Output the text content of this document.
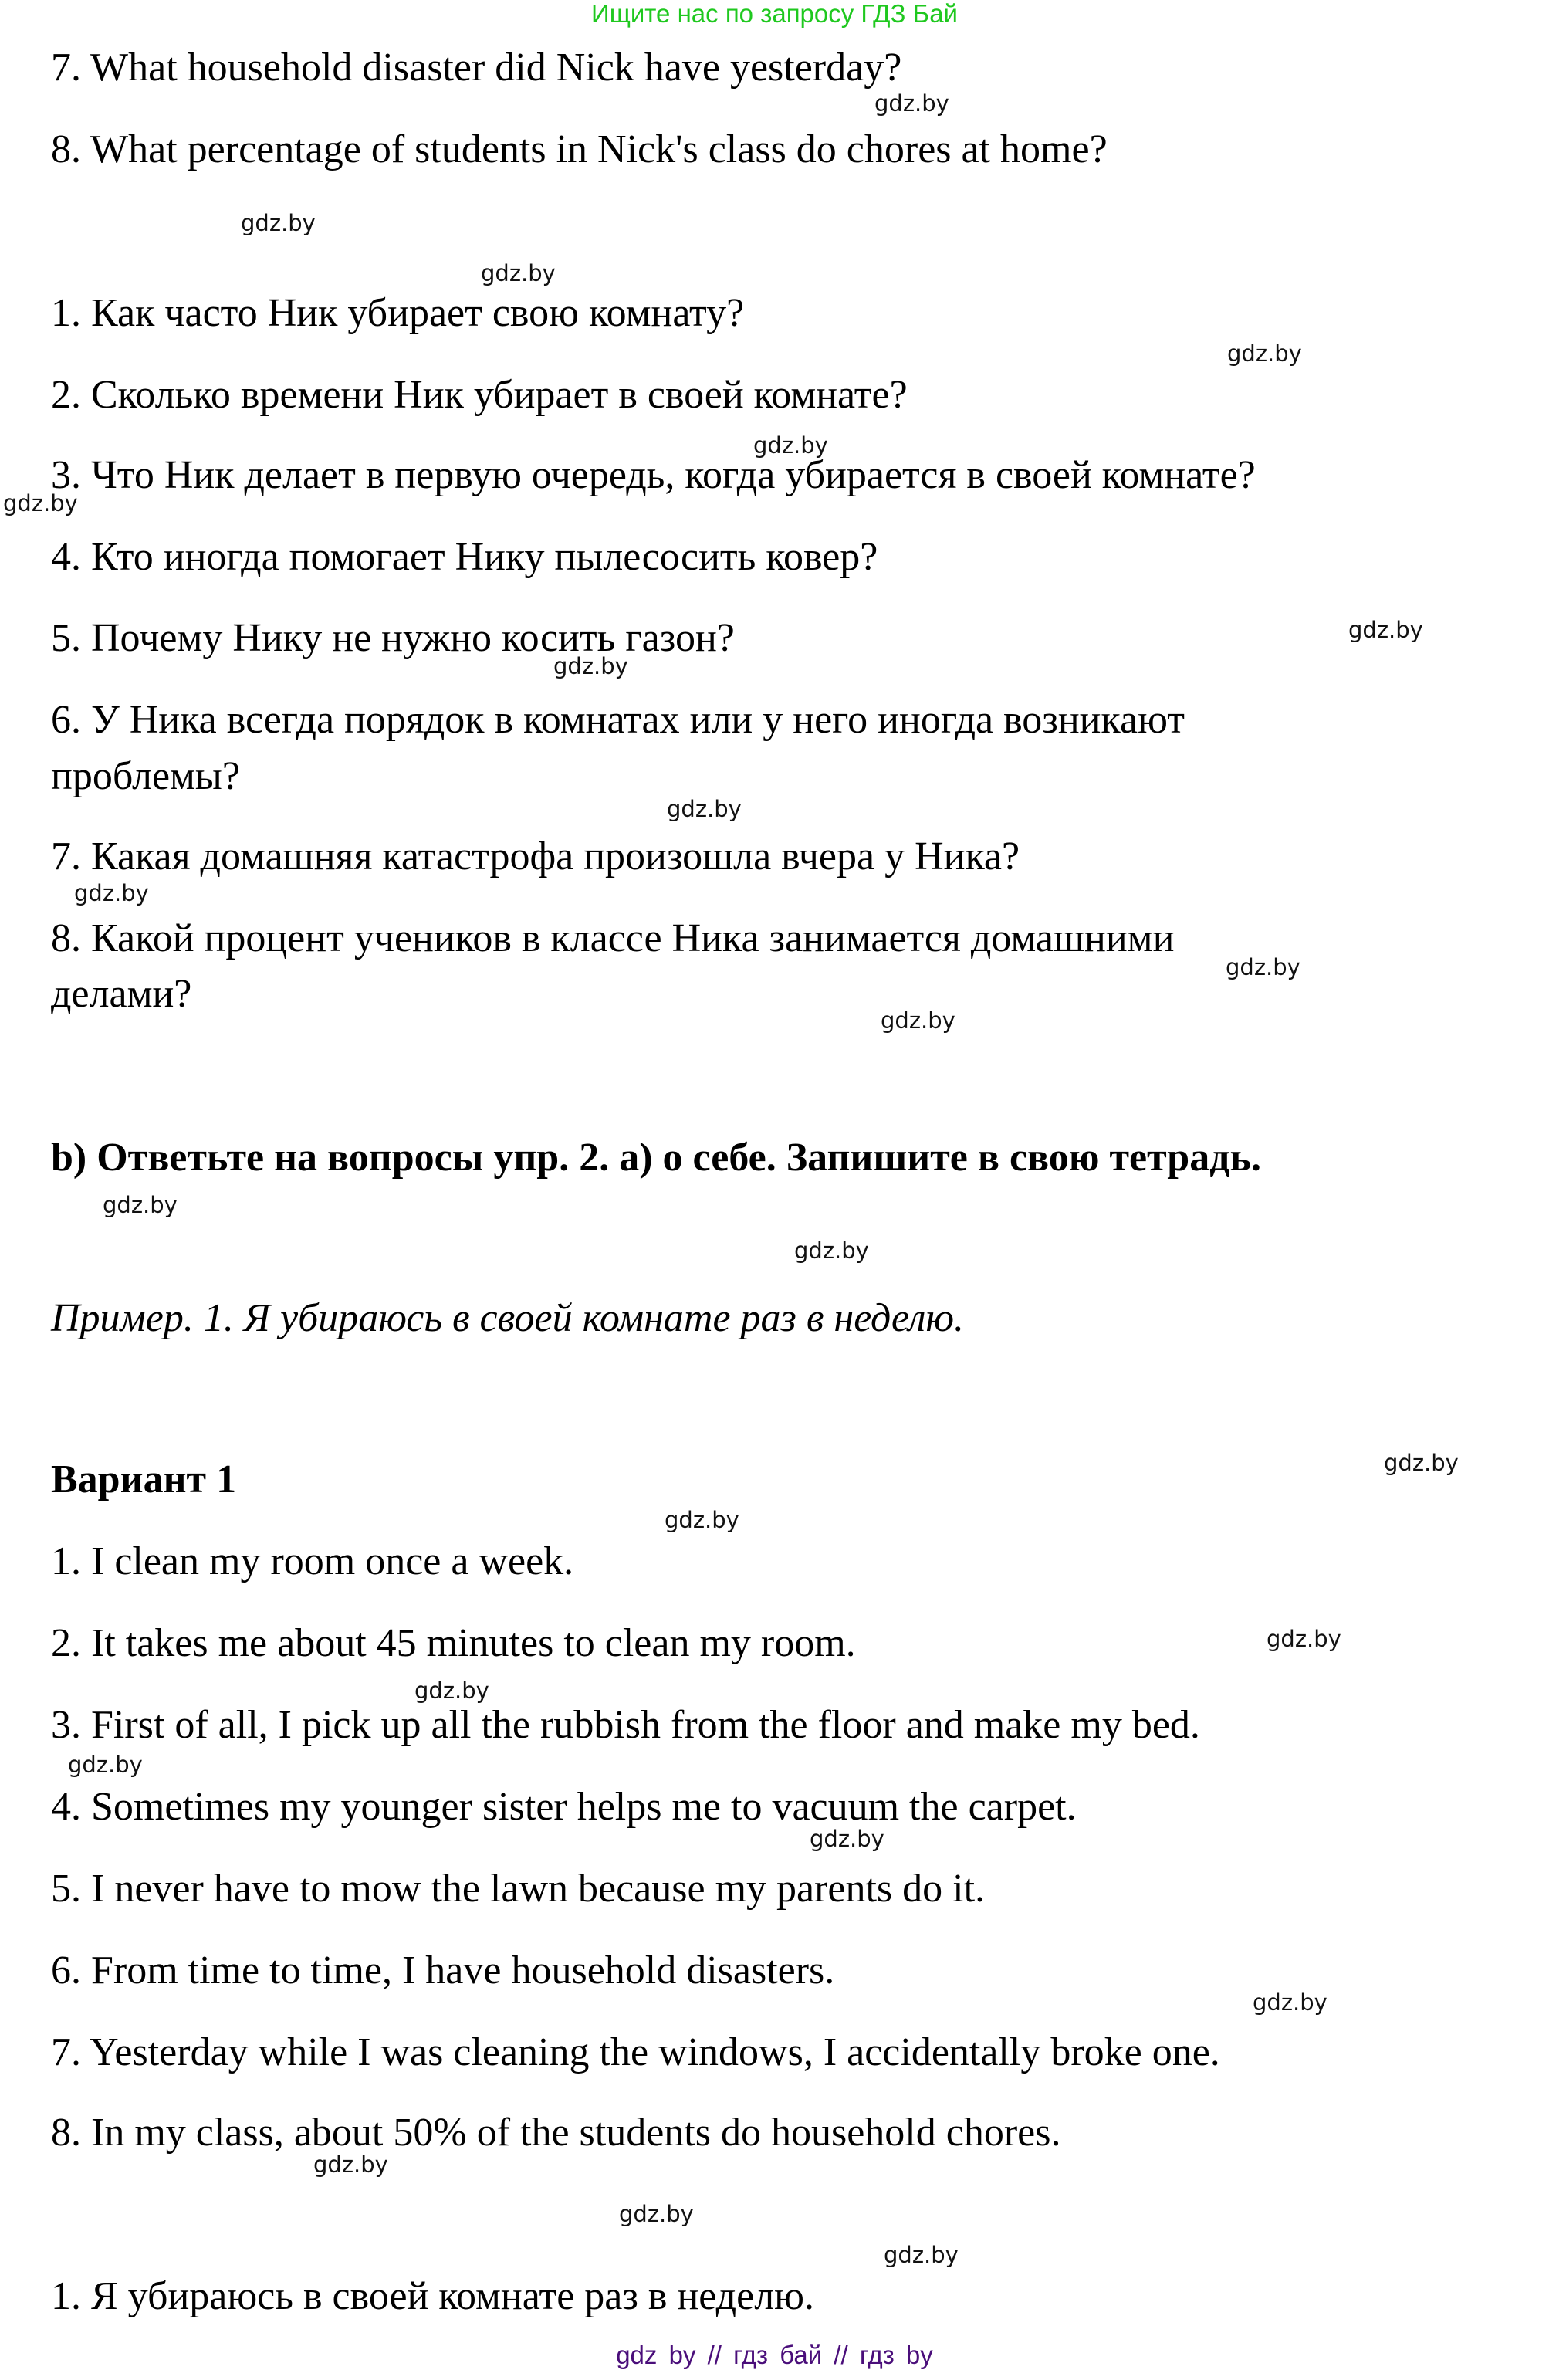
Ищите нас по запросу ГДЗ Бай
7. What household disaster did Nick have yesterday?
8. What percentage of students in Nick's class do chores at home?
1. Как часто Ник убирает свою комнату?
2. Сколько времени Ник убирает в своей комнате?
3. Что Ник делает в первую очередь, когда убирается в своей комнате?
4. Кто иногда помогает Нику пылесосить ковер?
5. Почему Нику не нужно косить газон?
6. У Ника всегда порядок в комнатах или у него иногда возникают
проблемы?
7. Какая домашняя катастрофа произошла вчера у Ника?
8. Какой процент учеников в классе Ника занимается домашними
делами?
b) Ответьте на вопросы упр. 2. a) о себе. Запишите в свою тетрадь.
Пример. 1. Я убираюсь в своей комнате раз в неделю.
Вариант 1
1. I clean my room once a week.
2. It takes me about 45 minutes to clean my room.
3. First of all, I pick up all the rubbish from the floor and make my bed.
4. Sometimes my younger sister helps me to vacuum the carpet.
5. I never have to mow the lawn because my parents do it.
6. From time to time, I have household disasters.
7. Yesterday while I was cleaning the windows, I accidentally broke one.
8. In my class, about 50% of the students do household chores.
1. Я убираюсь в своей комнате раз в неделю.
gdz.by
gdz.by
gdz.by
gdz.by
gdz.by
gdz.by
gdz.by
gdz.by
gdz.by
gdz.by
gdz.by
gdz.by
gdz.by
gdz.by
gdz.by
gdz.by
gdz.by
gdz.by
gdz.by
gdz.by
gdz.by
gdz.by
gdz.by
gdz.by
gdz by // гдз бай // гдз by
